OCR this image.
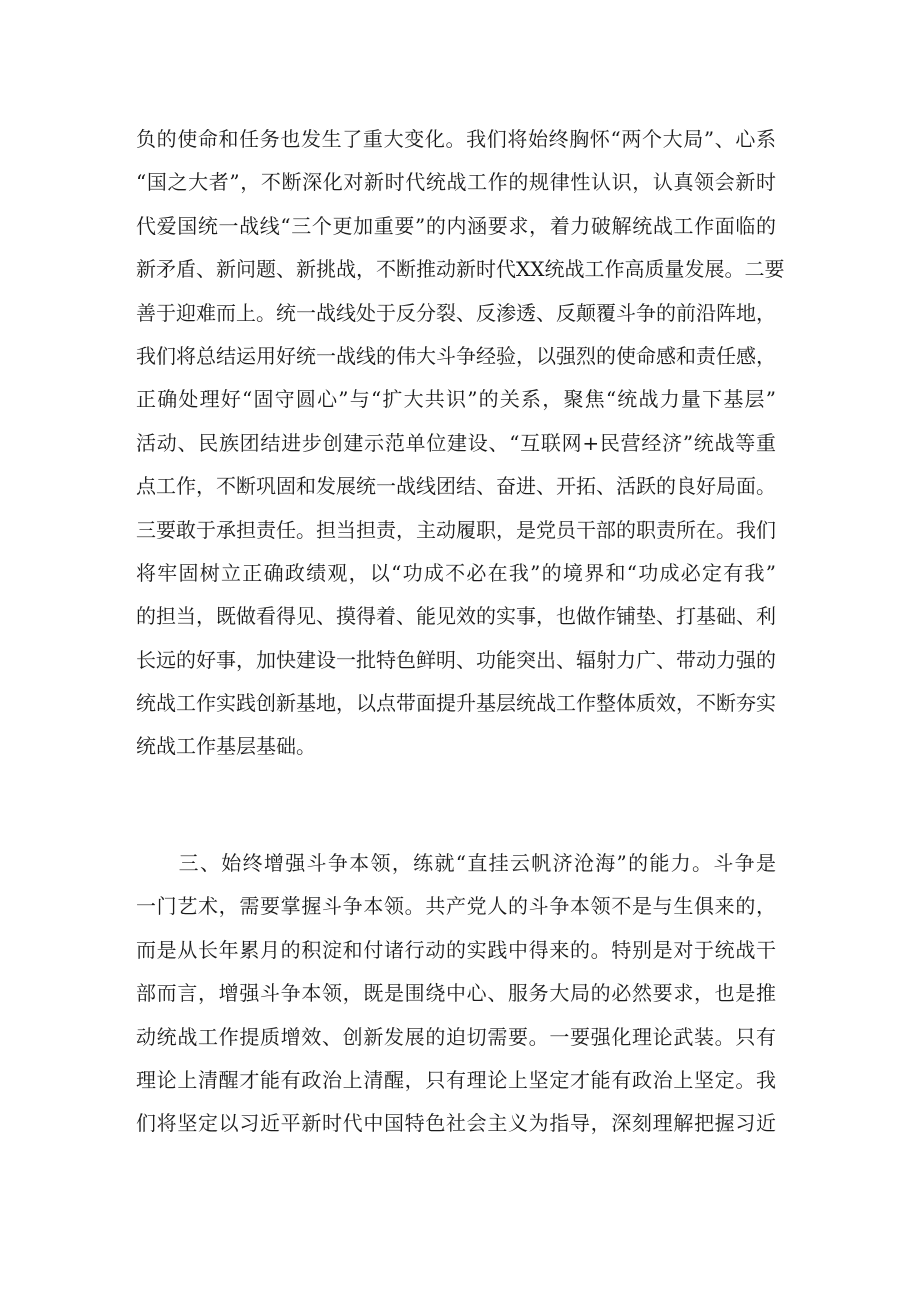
负的使命和任务也发生了重大变化。我们将始终胸怀“两个大局”、心系
“国之大者”，不断深化对新时代统战工作的规律性认识，认真领会新时
代爱国统一战线“三个更加重要”的内涵要求，着力破解统战工作面临的
新矛盾、新问题、新挑战，不断推动新时代XX统战工作高质量发展。二要
善于迎难而上。统一战线处于反分裂、反渗透、反颠覆斗争的前沿阵地，
我们将总结运用好统一战线的伟大斗争经验，以强烈的使命感和责任感，
正确处理好“固守圆心”与“扩大共识”的关系，聚焦“统战力量下基层”
活动、民族团结进步创建示范单位建设、“互联网+民营经济”统战等重
点工作，不断巩固和发展统一战线团结、奋进、开拓、活跃的良好局面。
三要敢于承担责任。担当担责，主动履职，是党员干部的职责所在。我们
将牢固树立正确政绩观，以“功成不必在我”的境界和“功成必定有我”
的担当，既做看得见、摸得着、能见效的实事，也做作铺垫、打基础、利
长远的好事，加快建设一批特色鲜明、功能突出、辐射力广、带动力强的
统战工作实践创新基地，以点带面提升基层统战工作整体质效，不断夯实
统战工作基层基础。
　　三、始终增强斗争本领，练就“直挂云帆济沧海”的能力。斗争是
一门艺术，需要掌握斗争本领。共产党人的斗争本领不是与生俱来的，
而是从长年累月的积淀和付诸行动的实践中得来的。特别是对于统战干
部而言，增强斗争本领，既是围绕中心、服务大局的必然要求，也是推
动统战工作提质增效、创新发展的迫切需要。一要强化理论武装。只有
理论上清醒才能有政治上清醒，只有理论上坚定才能有政治上坚定。我
们将坚定以习近平新时代中国特色社会主义为指导，深刻理解把握习近
